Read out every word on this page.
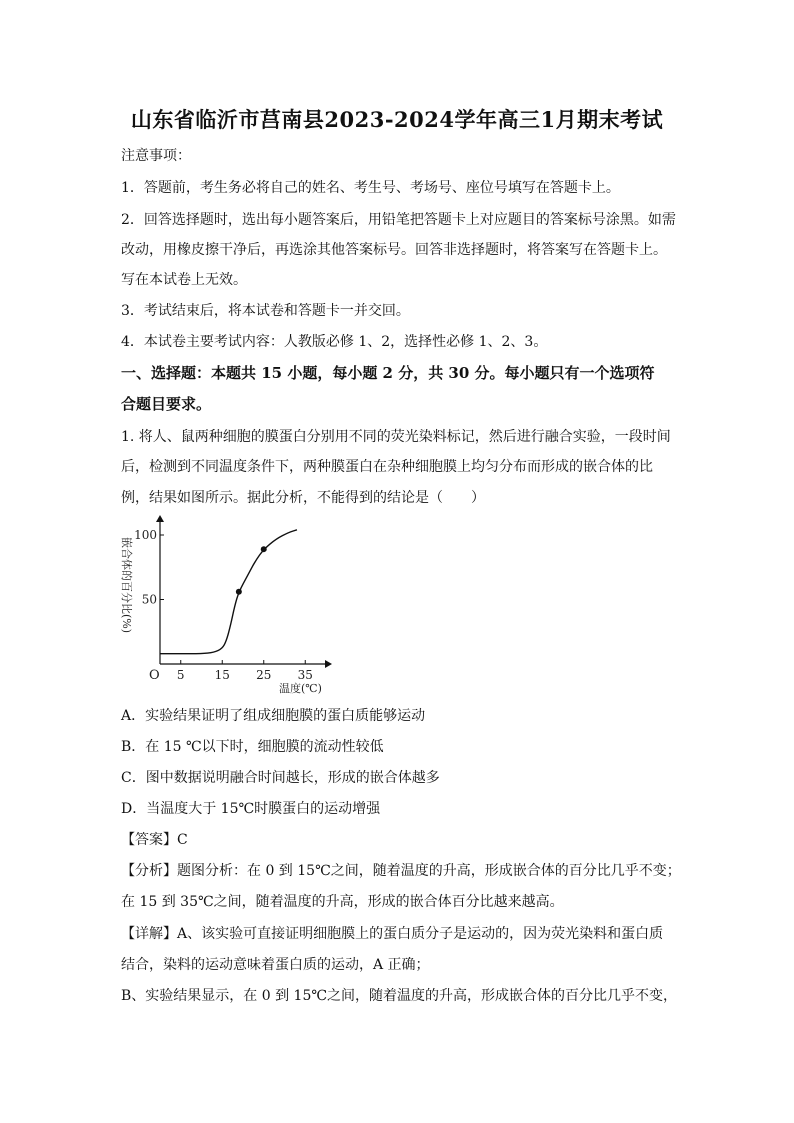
山东省临沂市莒南县2023-2024学年高三1月期末考试
注意事项：
1．答题前，考生务必将自己的姓名、考生号、考场号、座位号填写在答题卡上。
2．回答选择题时，选出每小题答案后，用铅笔把答题卡上对应题目的答案标号涂黑。如需
改动，用橡皮擦干净后，再选涂其他答案标号。回答非选择题时，将答案写在答题卡上。
写在本试卷上无效。
3．考试结束后，将本试卷和答题卡一并交回。
4．本试卷主要考试内容：人教版必修 1、2，选择性必修 1、2、3。
一、选择题：本题共 15 小题，每小题 2 分，共 30 分。每小题只有一个选项符
合题目要求。
1. 将人、鼠两种细胞的膜蛋白分别用不同的荧光染料标记，然后进行融合实验，一段时间
后，检测到不同温度条件下，两种膜蛋白在杂种细胞膜上均匀分布而形成的嵌合体的比
例，结果如图所示。据此分析，不能得到的结论是（　　）
5	15 25 35
50
100
O
温度(℃)
嵌合体的百分比(%)
A．实验结果证明了组成细胞膜的蛋白质能够运动
B．在 15 ℃以下时，细胞膜的流动性较低
C．图中数据说明融合时间越长，形成的嵌合体越多
D．当温度大于 15℃时膜蛋白的运动增强
【答案】C
【分析】题图分析：在 0 到 15℃之间，随着温度的升高，形成嵌合体的百分比几乎不变；
在 15 到 35℃之间，随着温度的升高，形成的嵌合体百分比越来越高。
【详解】A、该实验可直接证明细胞膜上的蛋白质分子是运动的，因为荧光染料和蛋白质
结合，染料的运动意味着蛋白质的运动，A 正确；
B、实验结果显示，在 0 到 15℃之间，随着温度的升高，形成嵌合体的百分比几乎不变，
